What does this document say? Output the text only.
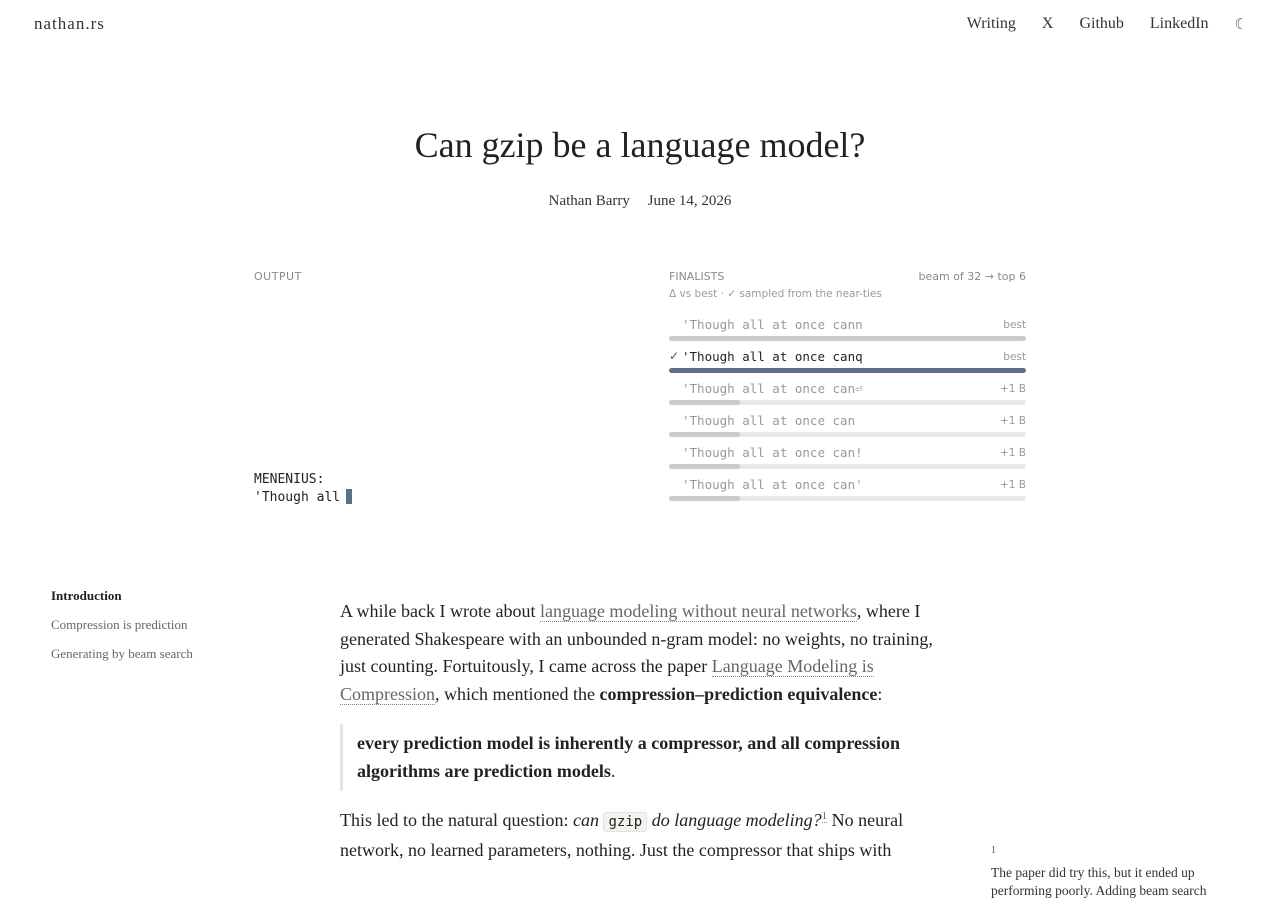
nathan.rs	Writing X Github LinkedIn ☾
Can gzip be a language model?
Nathan Barry June 14, 2026
OUTPUT
MENENIUS:
'Though all
FINALISTS	beam of 32 → top 6
Δ vs best · ✓ sampled from the near-ties
'Though all at once cann	best
✓ 'Though all at once canq	best
'Though all at once can⏎	+1 B
'Though all at once can	+1 B
'Though all at once can!	+1 B
'Though all at once can'	+1 B
Introduction
Compression is prediction
Generating by beam search

A while back I wrote about language modeling without neural networks, where I generated Shakespeare with an unbounded n-gram model: no weights, no training, just counting. Fortuitously, I came across the paper Language Modeling is Compression, which mentioned the compression–prediction equivalence:

every prediction model is inherently a compressor, and all compression algorithms are prediction models.

This led to the natural question: can gzip do language modeling?$^1$ No neural network, no learned parameters, nothing. Just the compressor that ships with	1
The paper did try this, but it ended up performing poorly. Adding beam search
